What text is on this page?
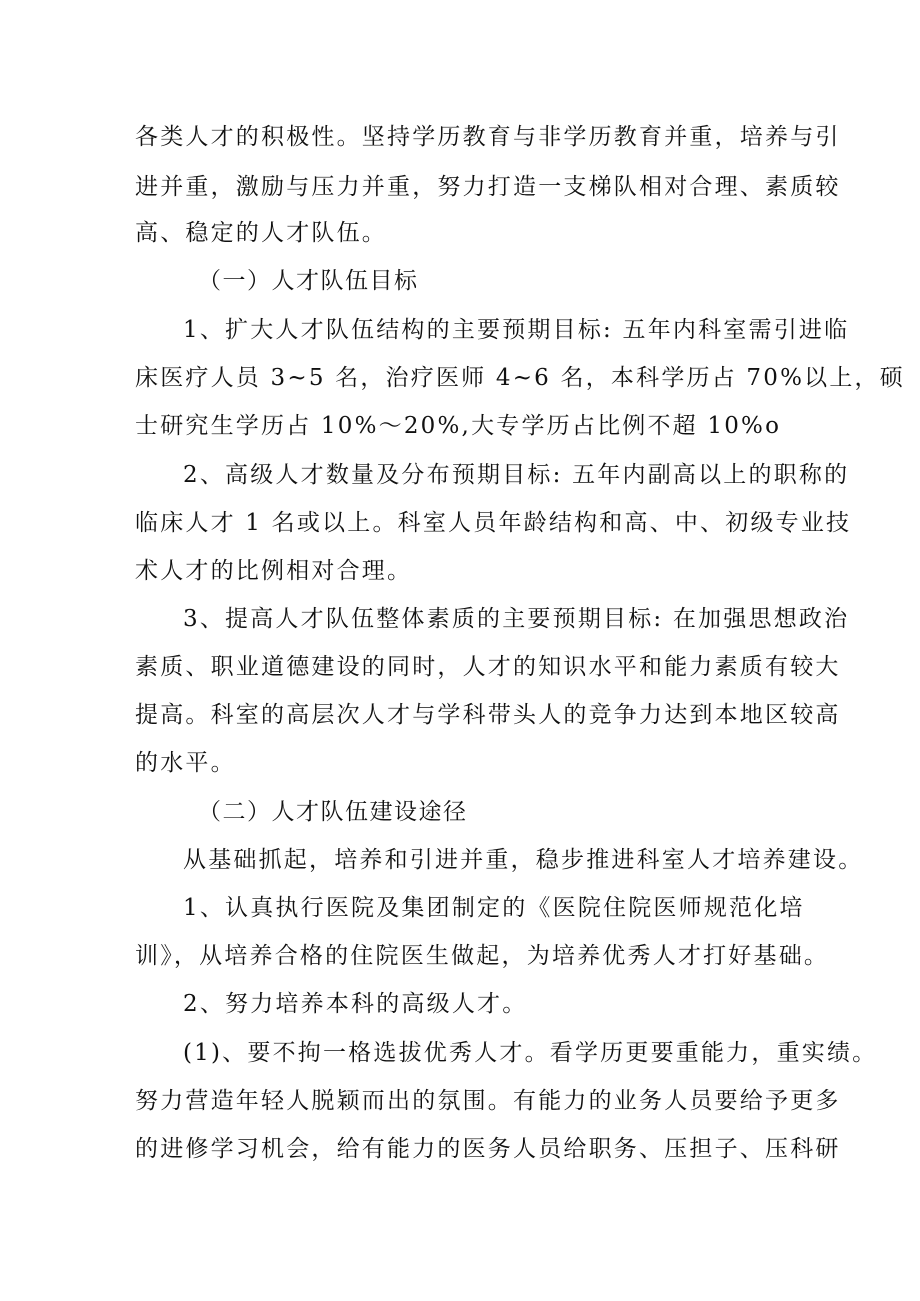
各类人才的积极性。坚持学历教育与非学历教育并重，培养与引
进并重，激励与压力并重，努力打造一支梯队相对合理、素质较
高、稳定的人才队伍。
（一）人才队伍目标
1、扩大人才队伍结构的主要预期目标: 五年内科室需引进临
床医疗人员 3~5 名，治疗医师 4~6 名，本科学历占 70%以上，硕
士研究生学历占 10%～20%,大专学历占比例不超 10%o
2、高级人才数量及分布预期目标: 五年内副高以上的职称的
临床人才 1 名或以上。科室人员年龄结构和高、中、初级专业技
术人才的比例相对合理。
3、提高人才队伍整体素质的主要预期目标: 在加强思想政治
素质、职业道德建设的同时，人才的知识水平和能力素质有较大
提高。科室的高层次人才与学科带头人的竞争力达到本地区较高
的水平。
（二）人才队伍建设途径
从基础抓起，培养和引进并重，稳步推进科室人才培养建设。
1、认真执行医院及集团制定的《医院住院医师规范化培
训》，从培养合格的住院医生做起，为培养优秀人才打好基础。
2、努力培养本科的高级人才。
(1)、要不拘一格选拔优秀人才。看学历更要重能力，重实绩。
努力营造年轻人脱颖而出的氛围。有能力的业务人员要给予更多
的进修学习机会，给有能力的医务人员给职务、压担子、压科研
